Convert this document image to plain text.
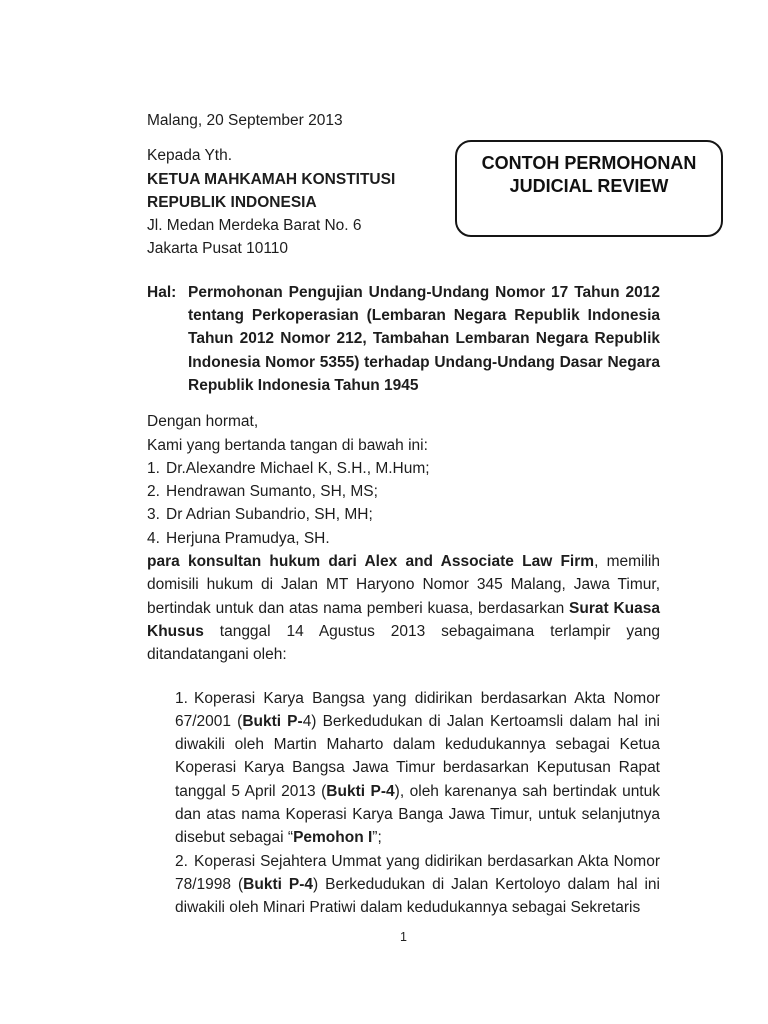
CONTOH PERMOHONAN
JUDICIAL REVIEW
Malang, 20 September 2013
Kepada Yth.
KETUA MAHKAMAH KONSTITUSI
REPUBLIK INDONESIA
Jl. Medan Merdeka Barat No. 6
Jakarta Pusat 10110
Hal: Permohonan Pengujian Undang-Undang Nomor 17 Tahun 2012 tentang Perkoperasian (Lembaran Negara Republik Indonesia Tahun 2012 Nomor 212, Tambahan Lembaran Negara Republik Indonesia Nomor 5355) terhadap Undang-Undang Dasar Negara Republik Indonesia Tahun 1945
Dengan hormat,
Kami yang bertanda tangan di bawah ini:
1. Dr.Alexandre Michael K, S.H., M.Hum;
2. Hendrawan Sumanto, SH, MS;
3. Dr Adrian Subandrio, SH, MH;
4. Herjuna Pramudya, SH.
para konsultan hukum dari Alex and Associate Law Firm, memilih domisili hukum di Jalan MT Haryono Nomor 345 Malang, Jawa Timur, bertindak untuk dan atas nama pemberi kuasa, berdasarkan Surat Kuasa Khusus tanggal 14 Agustus 2013 sebagaimana terlampir yang ditandatangani oleh:
1. Koperasi Karya Bangsa yang didirikan berdasarkan Akta Nomor 67/2001 (Bukti P-4) Berkedudukan di Jalan Kertoamsli dalam hal ini diwakili oleh Martin Maharto dalam kedudukannya sebagai Ketua Koperasi Karya Bangsa Jawa Timur berdasarkan Keputusan Rapat tanggal 5 April 2013 (Bukti P-4), oleh karenanya sah bertindak untuk dan atas nama Koperasi Karya Banga Jawa Timur, untuk selanjutnya disebut sebagai “Pemohon I”;
2. Koperasi Sejahtera Ummat yang didirikan berdasarkan Akta Nomor 78/1998 (Bukti P-4) Berkedudukan di Jalan Kertoloyo dalam hal ini diwakili oleh Minari Pratiwi dalam kedudukannya sebagai Sekretaris
1
